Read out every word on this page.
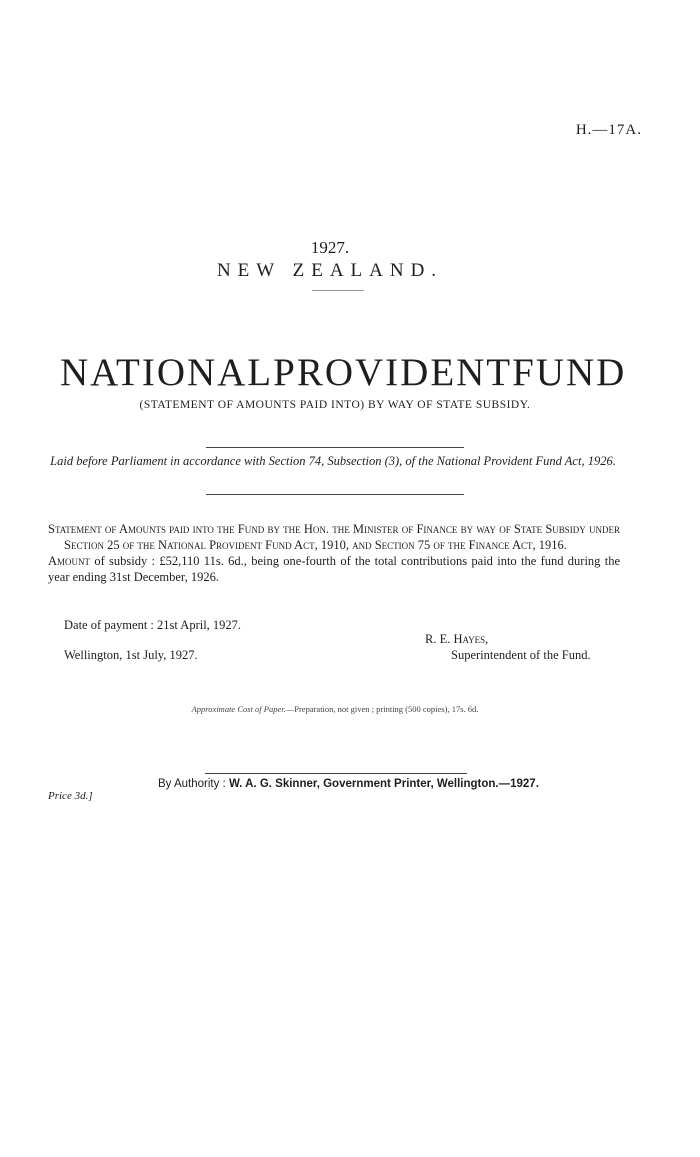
H.—17A.
1927.
NEW ZEALAND.
NATIONAL PROVIDENT FUND
(STATEMENT OF AMOUNTS PAID INTO) BY WAY OF STATE SUBSIDY.
Laid before Parliament in accordance with Section 74, Subsection (3), of the National Provident Fund Act, 1926.

Statement of Amounts paid into the Fund by the Hon. the Minister of Finance by way of State Subsidy under Section 25 of the National Provident Fund Act, 1910, and Section 75 of the Finance Act, 1916.

Amount of subsidy : £52,110 11s. 6d., being one-fourth of the total contributions paid into the fund during the year ending 31st December, 1926.

Date of payment : 21st April, 1927.
R. E. Hayes,
Wellington, 1st July, 1927.	Superintendent of the Fund.
Approximate Cost of Paper.—Preparation, not given ; printing (500 copies), 17s. 6d.
By Authority : W. A. G. Skinner, Government Printer, Wellington.—1927.
Price 3d.]
